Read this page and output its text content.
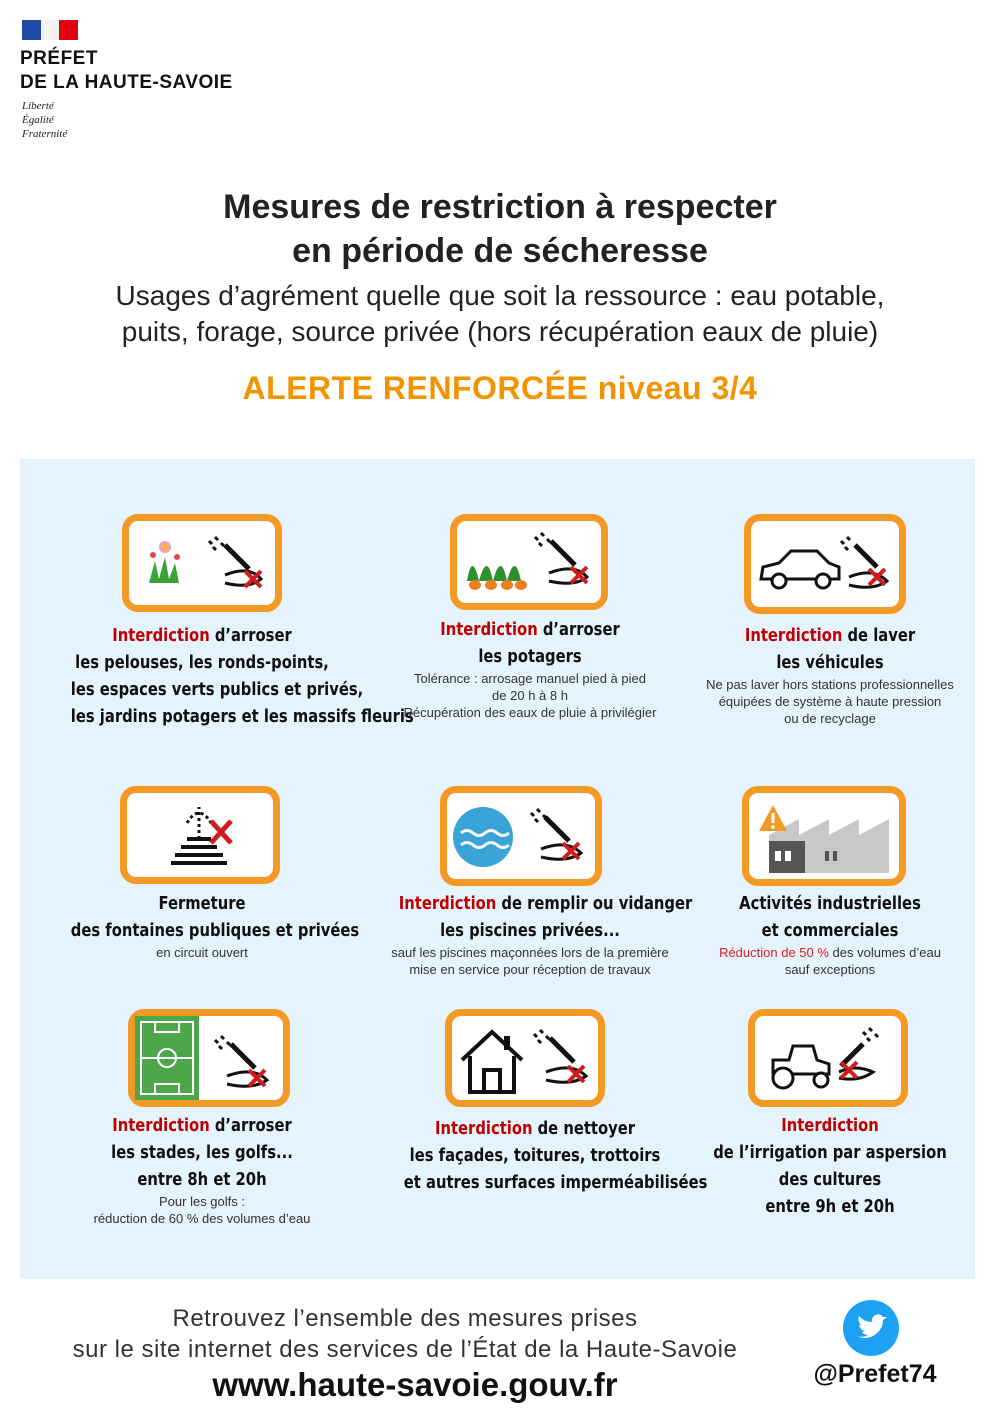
PRÉFET
DE LA HAUTE-SAVOIE
Liberté
Égalité
Fraternité
Mesures de restriction à respecter
en période de sécheresse
Usages d’agrément quelle que soit la ressource : eau potable,
puits, forage, source privée (hors récupération eaux de pluie)
ALERTE RENFORCÉE niveau 3/4
Interdiction d’arroser
les pelouses, les ronds-points,
les espaces verts publics et privés,
les jardins potagers et les massifs fleuris
Interdiction d’arroser
les potagers
Tolérance : arrosage manuel pied à pied
de 20 h à 8 h
Récupération des eaux de pluie à privilégier
Interdiction de laver
les véhicules
Ne pas laver hors stations professionnelles
équipées de système à haute pression
ou de recyclage
Fermeture
des fontaines publiques et privées
en circuit ouvert
Interdiction de remplir ou vidanger
les piscines privées...
sauf les piscines maçonnées lors de la première
mise en service pour réception de travaux
Activités industrielles
et commerciales
Réduction de 50 % des volumes d’eau
sauf exceptions
Interdiction d’arroser
les stades, les golfs...
entre 8h et 20h
Pour les golfs :
réduction de 60 % des volumes d’eau
Interdiction de nettoyer
les façades, toitures, trottoirs
et autres surfaces imperméabilisées
Interdiction
de l’irrigation par aspersion
des cultures
entre 9h et 20h
Retrouvez l’ensemble des mesures prises
sur le site internet des services de l’État de la Haute-Savoie
www.haute-savoie.gouv.fr	@Prefet74
